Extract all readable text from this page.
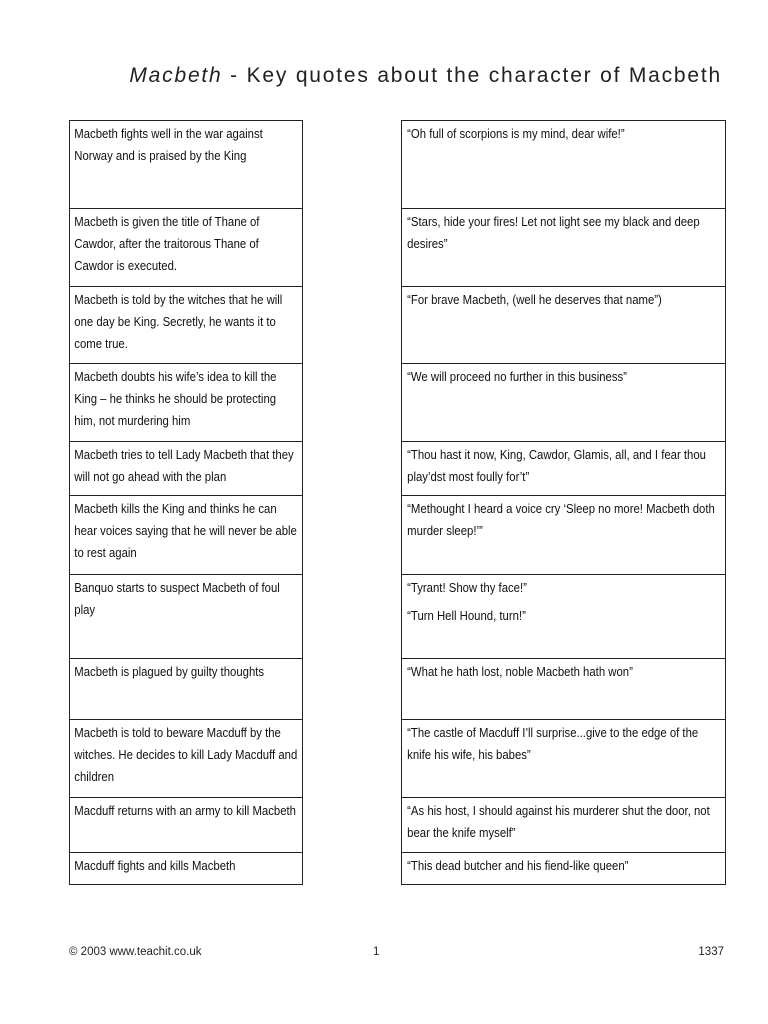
Macbeth - Key quotes about the character of Macbeth

Macbeth fights well in the war against Norway and is praised by the King

Macbeth is given the title of Thane of Cawdor, after the traitorous Thane of Cawdor is executed.

Macbeth is told by the witches that he will one day be King. Secretly, he wants it to come true.

Macbeth doubts his wife’s idea to kill the King – he thinks he should be protecting him, not murdering him

Macbeth tries to tell Lady Macbeth that they will not go ahead with the plan

Macbeth kills the King and thinks he can hear voices saying that he will never be able to rest again

Banquo starts to suspect Macbeth of foul play

Macbeth is plagued by guilty thoughts

Macbeth is told to beware Macduff by the witches. He decides to kill Lady Macduff and children

Macduff returns with an army to kill Macbeth

Macduff fights and kills Macbeth

“Oh full of scorpions is my mind, dear wife!”

“Stars, hide your fires! Let not light see my black and deep desires”

“For brave Macbeth, (well he deserves that name”)

“We will proceed no further in this business”

“Thou hast it now, King, Cawdor, Glamis, all, and I fear thou play’dst most foully for’t”

“Methought I heard a voice cry ‘Sleep no more! Macbeth doth murder sleep!’”

“Tyrant! Show thy face!”

“Turn Hell Hound, turn!”

“What he hath lost, noble Macbeth hath won”

“The castle of Macduff I’ll surprise...give to the edge of the knife his wife, his babes”

“As his host, I should against his murderer shut the door, not bear the knife myself”

“This dead butcher and his fiend-like queen”

© 2003 www.teachit.co.uk	1	1337
